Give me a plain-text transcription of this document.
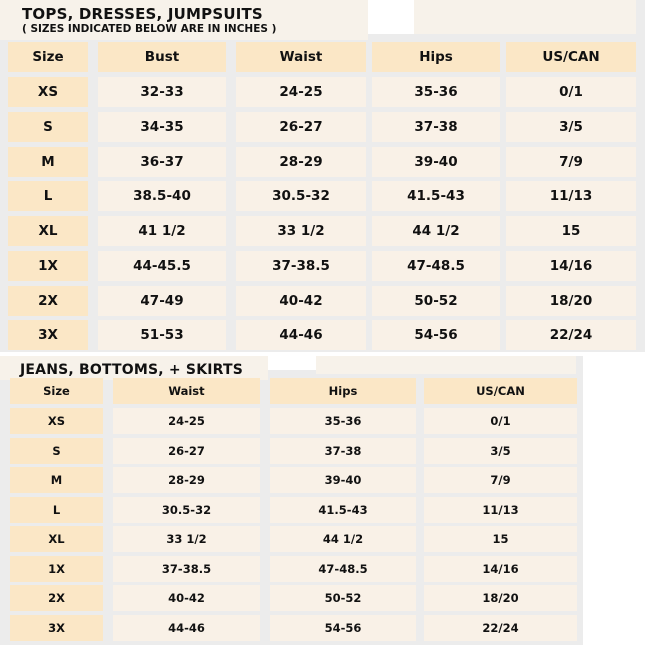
TOPS, DRESSES, JUMPSUITS
( SIZES INDICATED BELOW ARE IN INCHES )
Size	Bust	Waist	Hips	US/CAN
XS	32-33	24-25	35-36	0/1
S	34-35	26-27	37-38	3/5
M	36-37	28-29	39-40	7/9
L	38.5-40	30.5-32	41.5-43	11/13
XL	41 1/2	33 1/2	44 1/2	15
1X	44-45.5	37-38.5	47-48.5	14/16
2X	47-49	40-42	50-52	18/20
3X	51-53	44-46	54-56	22/24
JEANS, BOTTOMS, + SKIRTS
Size	Waist	Hips	US/CAN
XS	24-25	35-36	0/1
S	26-27	37-38	3/5
M	28-29	39-40	7/9
L	30.5-32	41.5-43	11/13
XL	33 1/2	44 1/2	15
1X	37-38.5	47-48.5	14/16
2X	40-42	50-52	18/20
3X	44-46	54-56	22/24
